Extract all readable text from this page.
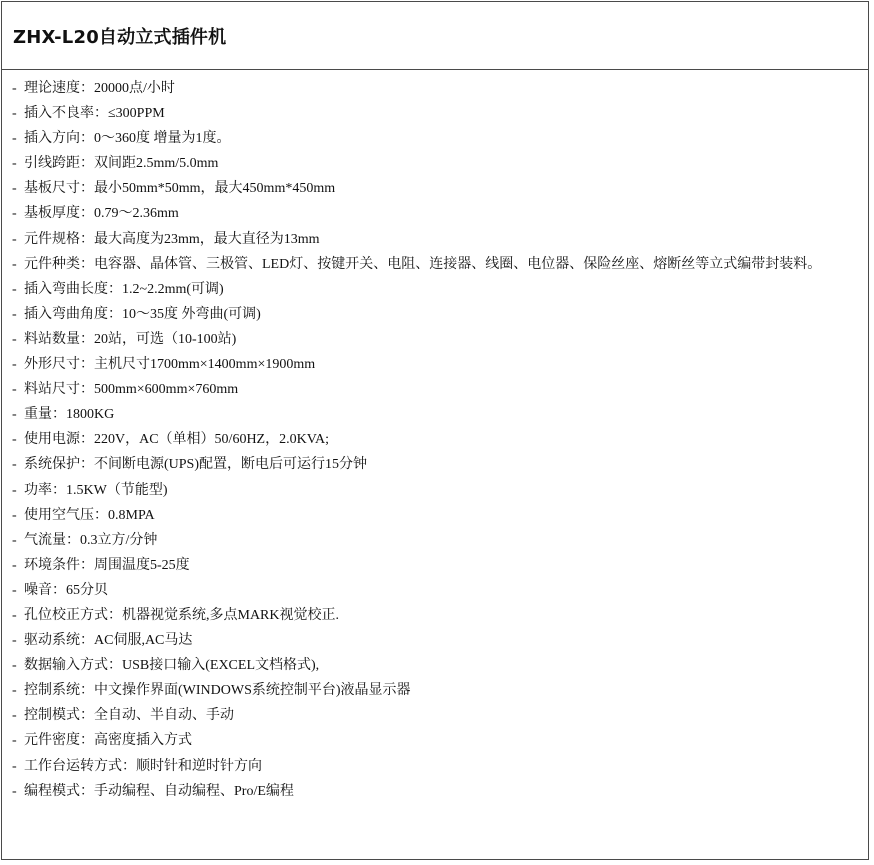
ZHX-L20自动立式插件机
-理论速度：20000点/小时
-插入不良率：≤300PPM
-插入方向：0～360度 增量为1度。
-引线跨距：双间距2.5mm/5.0mm
-基板尺寸：最小50mm*50mm，最大450mm*450mm
-基板厚度：0.79～2.36mm
-元件规格：最大高度为23mm，最大直径为13mm
-元件种类：电容器、晶体管、三极管、LED灯、按键开关、电阻、连接器、线圈、电位器、保险丝座、熔断丝等立式编带封装料。
-插入弯曲长度：1.2~2.2mm(可调)
-插入弯曲角度：10～35度 外弯曲(可调)
-料站数量：20站，可选（10-100站)
-外形尺寸：主机尺寸1700mm×1400mm×1900mm
-料站尺寸：500mm×600mm×760mm
-重量：1800KG
-使用电源：220V，AC（单相）50/60HZ，2.0KVA;
-系统保护：不间断电源(UPS)配置，断电后可运行15分钟
-功率：1.5KW（节能型)
-使用空气压：0.8MPA
-气流量：0.3立方/分钟
-环境条件：周围温度5-25度
-噪音：65分贝
-孔位校正方式：机器视觉系统,多点MARK视觉校正.
-驱动系统：AC伺服,AC马达
-数据输入方式：USB接口输入(EXCEL文档格式),
-控制系统：中文操作界面(WINDOWS系统控制平台)液晶显示器
-控制模式：全自动、半自动、手动
-元件密度：高密度插入方式
-工作台运转方式：顺时针和逆时针方向
-编程模式：手动编程、自动编程、Pro/E编程
